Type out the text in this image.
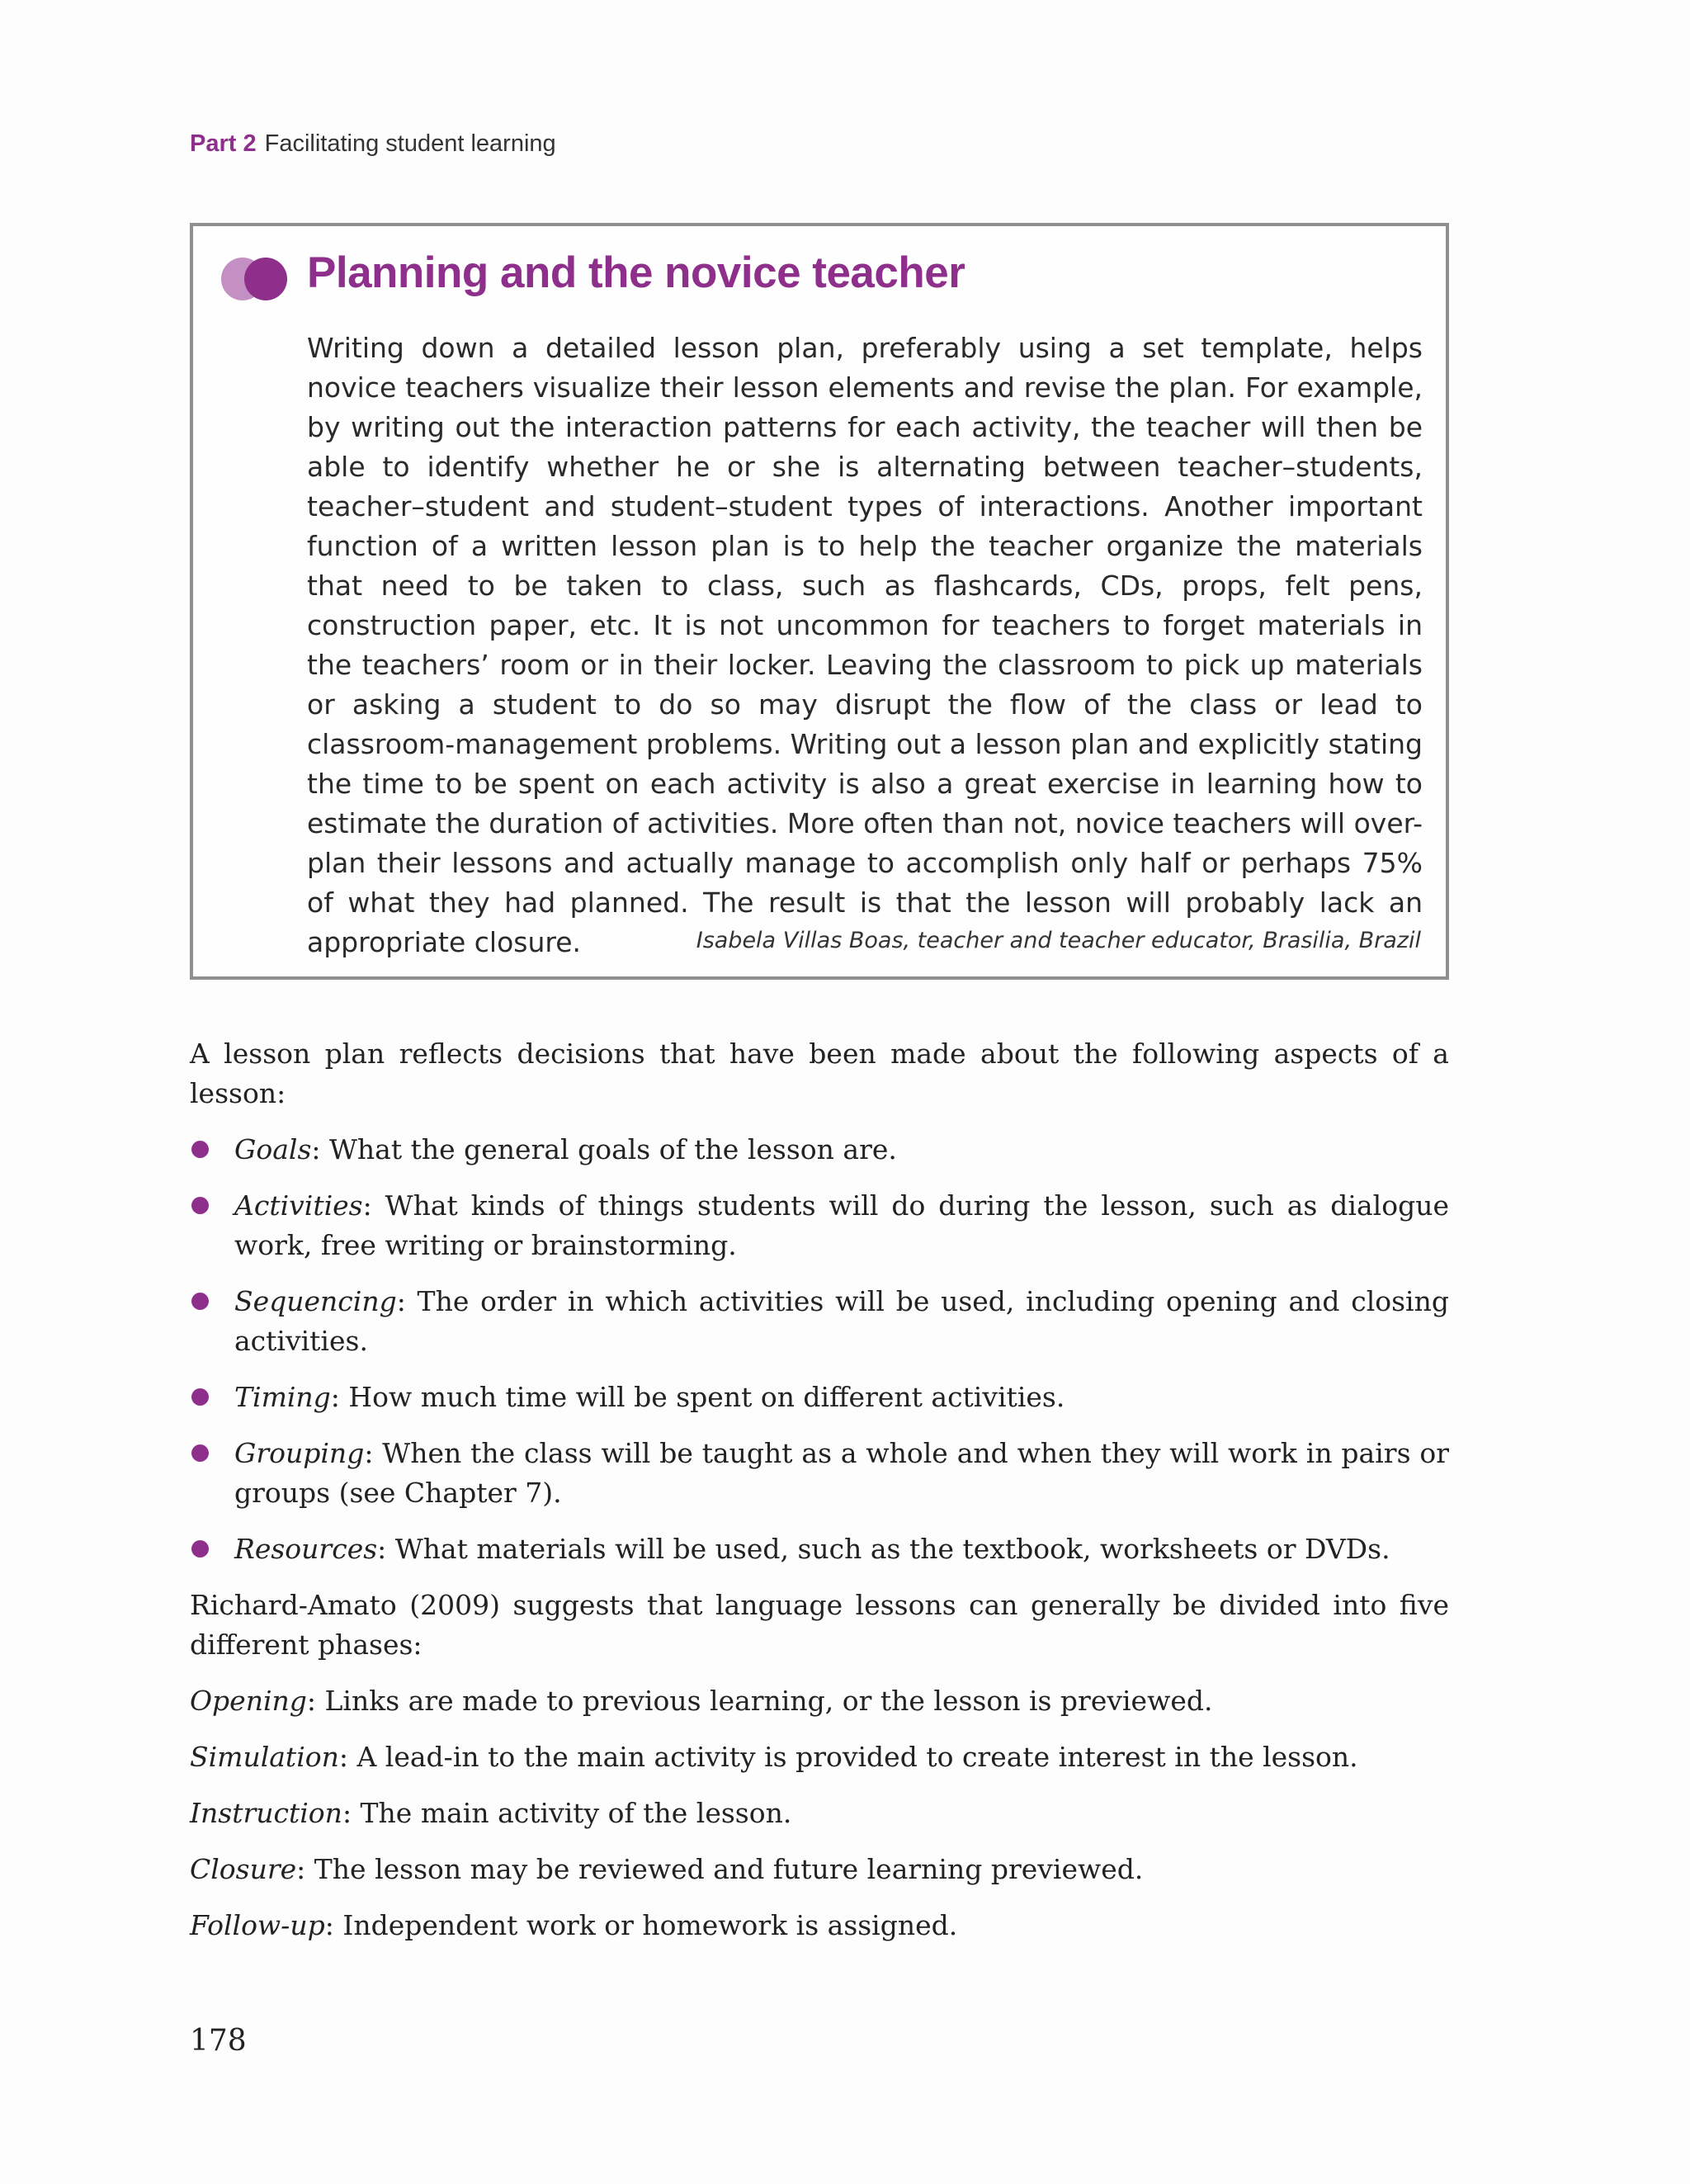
Part 2 Facilitating student learning
Planning and the novice teacher

Writing down a detailed lesson plan, preferably using a set template, helps novice teachers visualize their lesson elements and revise the plan. For example, by writing out the interaction patterns for each activity, the teacher will then be able to identify whether he or she is alternating between teacher–students, teacher–student and student–student types of interactions. Another important function of a written lesson plan is to help the teacher organize the materials that need to be taken to class, such as flashcards, CDs, props, felt pens, construction paper, etc. It is not uncommon for teachers to forget materials in the teachers’ room or in their locker. Leaving the classroom to pick up materials or asking a student to do so may disrupt the flow of the class or lead to classroom-management problems. Writing out a lesson plan and explicitly stating the time to be spent on each activity is also a great exercise in learning how to estimate the duration of activities. More often than not, novice teachers will over-plan their lessons and actually manage to accomplish only half or perhaps 75% of what they had planned. The result is that the lesson will probably lack an appropriate closure.	Isabela Villas Boas, teacher and teacher educator, Brasilia, Brazil

A lesson plan reflects decisions that have been made about the following aspects of a lesson:

Goals: What the general goals of the lesson are.
Activities: What kinds of things students will do during the lesson, such as dialogue work, free writing or brainstorming.
Sequencing: The order in which activities will be used, including opening and closing activities.
Timing: How much time will be spent on different activities.
Grouping: When the class will be taught as a whole and when they will work in pairs or groups (see Chapter 7).
Resources: What materials will be used, such as the textbook, worksheets or DVDs.

Richard-Amato (2009) suggests that language lessons can generally be divided into five different phases:

Opening: Links are made to previous learning, or the lesson is previewed.

Simulation: A lead-in to the main activity is provided to create interest in the lesson.

Instruction: The main activity of the lesson.

Closure: The lesson may be reviewed and future learning previewed.

Follow-up: Independent work or homework is assigned.

178
